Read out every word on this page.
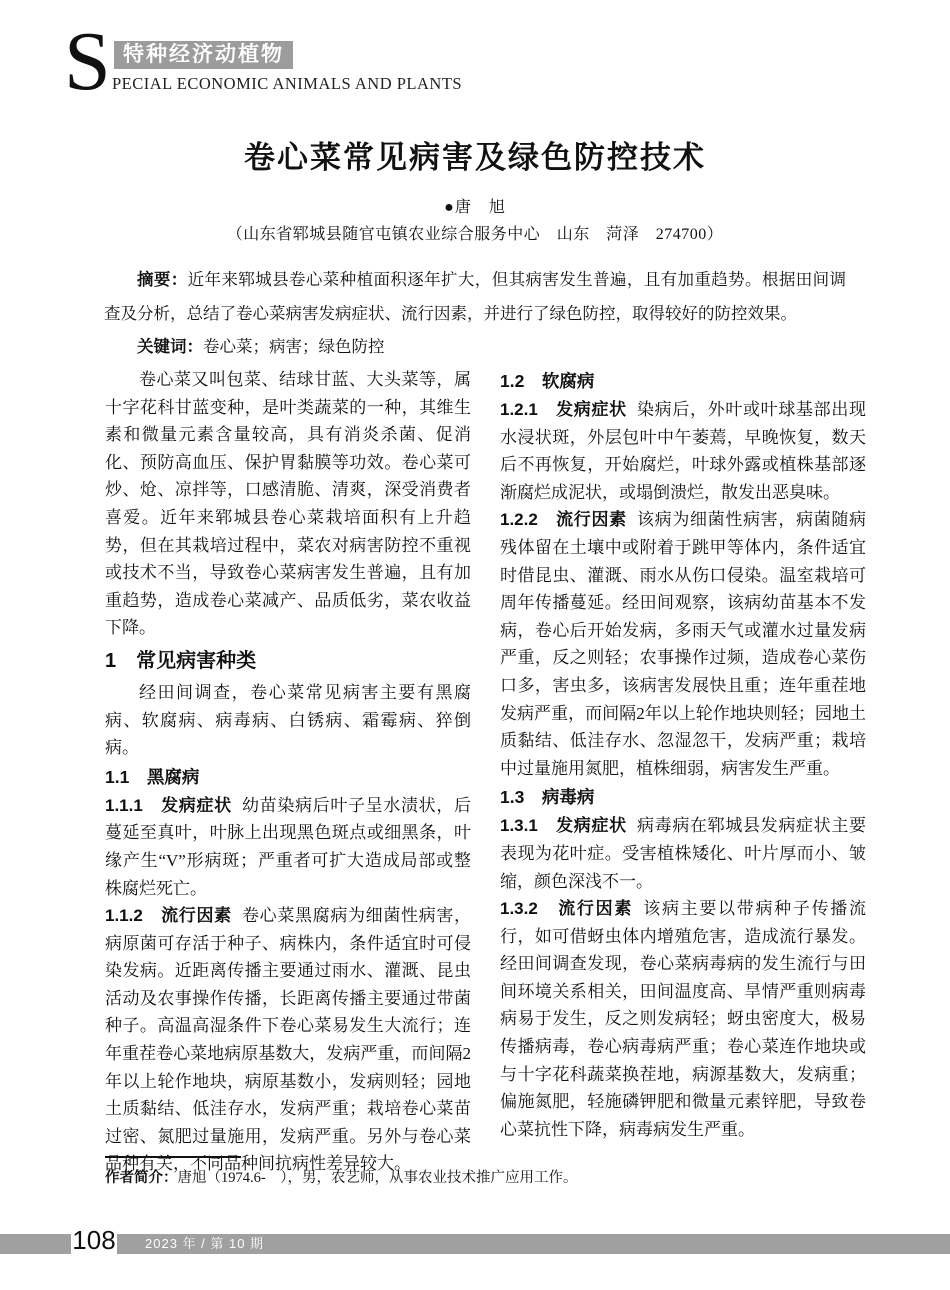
S 特种经济动植物
PECIAL ECONOMIC ANIMALS AND PLANTS
卷心菜常见病害及绿色防控技术
●唐　旭
（山东省郓城县随官屯镇农业综合服务中心　山东　菏泽　274700）

摘要：近年来郓城县卷心菜种植面积逐年扩大，但其病害发生普遍，且有加重趋势。根据田间调查及分析，总结了卷心菜病害发病症状、流行因素，并进行了绿色防控，取得较好的防控效果。

关键词：卷心菜；病害；绿色防控

卷心菜又叫包菜、结球甘蓝、大头菜等，属十字花科甘蓝变种，是叶类蔬菜的一种，其维生素和微量元素含量较高，具有消炎杀菌、促消化、预防高血压、保护胃黏膜等功效。卷心菜可炒、炝、凉拌等，口感清脆、清爽，深受消费者喜爱。近年来郓城县卷心菜栽培面积有上升趋势，但在其栽培过程中，菜农对病害防控不重视或技术不当，导致卷心菜病害发生普遍，且有加重趋势，造成卷心菜减产、品质低劣，菜农收益下降。

1　常见病害种类

经田间调查，卷心菜常见病害主要有黑腐病、软腐病、病毒病、白锈病、霜霉病、猝倒病。

1.1　黑腐病

1.1.1　发病症状 幼苗染病后叶子呈水渍状，后蔓延至真叶，叶脉上出现黑色斑点或细黑条，叶缘产生“V”形病斑；严重者可扩大造成局部或整株腐烂死亡。

1.1.2　流行因素 卷心菜黑腐病为细菌性病害，病原菌可存活于种子、病株内，条件适宜时可侵染发病。近距离传播主要通过雨水、灌溉、昆虫活动及农事操作传播，长距离传播主要通过带菌种子。高温高湿条件下卷心菜易发生大流行；连年重茬卷心菜地病原基数大，发病严重，而间隔2年以上轮作地块，病原基数小，发病则轻；园地土质黏结、低洼存水，发病严重；栽培卷心菜苗过密、氮肥过量施用，发病严重。另外与卷心菜品种有关，不同品种间抗病性差异较大。

1.2　软腐病

1.2.1　发病症状 染病后，外叶或叶球基部出现水浸状斑，外层包叶中午萎蔫，早晚恢复，数天后不再恢复，开始腐烂，叶球外露或植株基部逐渐腐烂成泥状，或塌倒溃烂，散发出恶臭味。

1.2.2　流行因素 该病为细菌性病害，病菌随病残体留在土壤中或附着于跳甲等体内，条件适宜时借昆虫、灌溉、雨水从伤口侵染。温室栽培可周年传播蔓延。经田间观察，该病幼苗基本不发病，卷心后开始发病，多雨天气或灌水过量发病严重，反之则轻；农事操作过频，造成卷心菜伤口多，害虫多，该病害发展快且重；连年重茬地发病严重，而间隔2年以上轮作地块则轻；园地土质黏结、低洼存水、忽湿忽干，发病严重；栽培中过量施用氮肥，植株细弱，病害发生严重。

1.3　病毒病

1.3.1　发病症状 病毒病在郓城县发病症状主要表现为花叶症。受害植株矮化、叶片厚而小、皱缩，颜色深浅不一。

1.3.2　流行因素 该病主要以带病种子传播流行，如可借蚜虫体内增殖危害，造成流行暴发。经田间调查发现，卷心菜病毒病的发生流行与田间环境关系相关，田间温度高、旱情严重则病毒病易于发生，反之则发病轻；蚜虫密度大，极易传播病毒，卷心病毒病严重；卷心菜连作地块或与十字花科蔬菜换茬地，病源基数大，发病重；偏施氮肥，轻施磷钾肥和微量元素锌肥，导致卷心菜抗性下降，病毒病发生严重。

作者简介：唐旭（1974.6-　），男，农艺师，从事农业技术推广应用工作。
108	2023 年 / 第 10 期
